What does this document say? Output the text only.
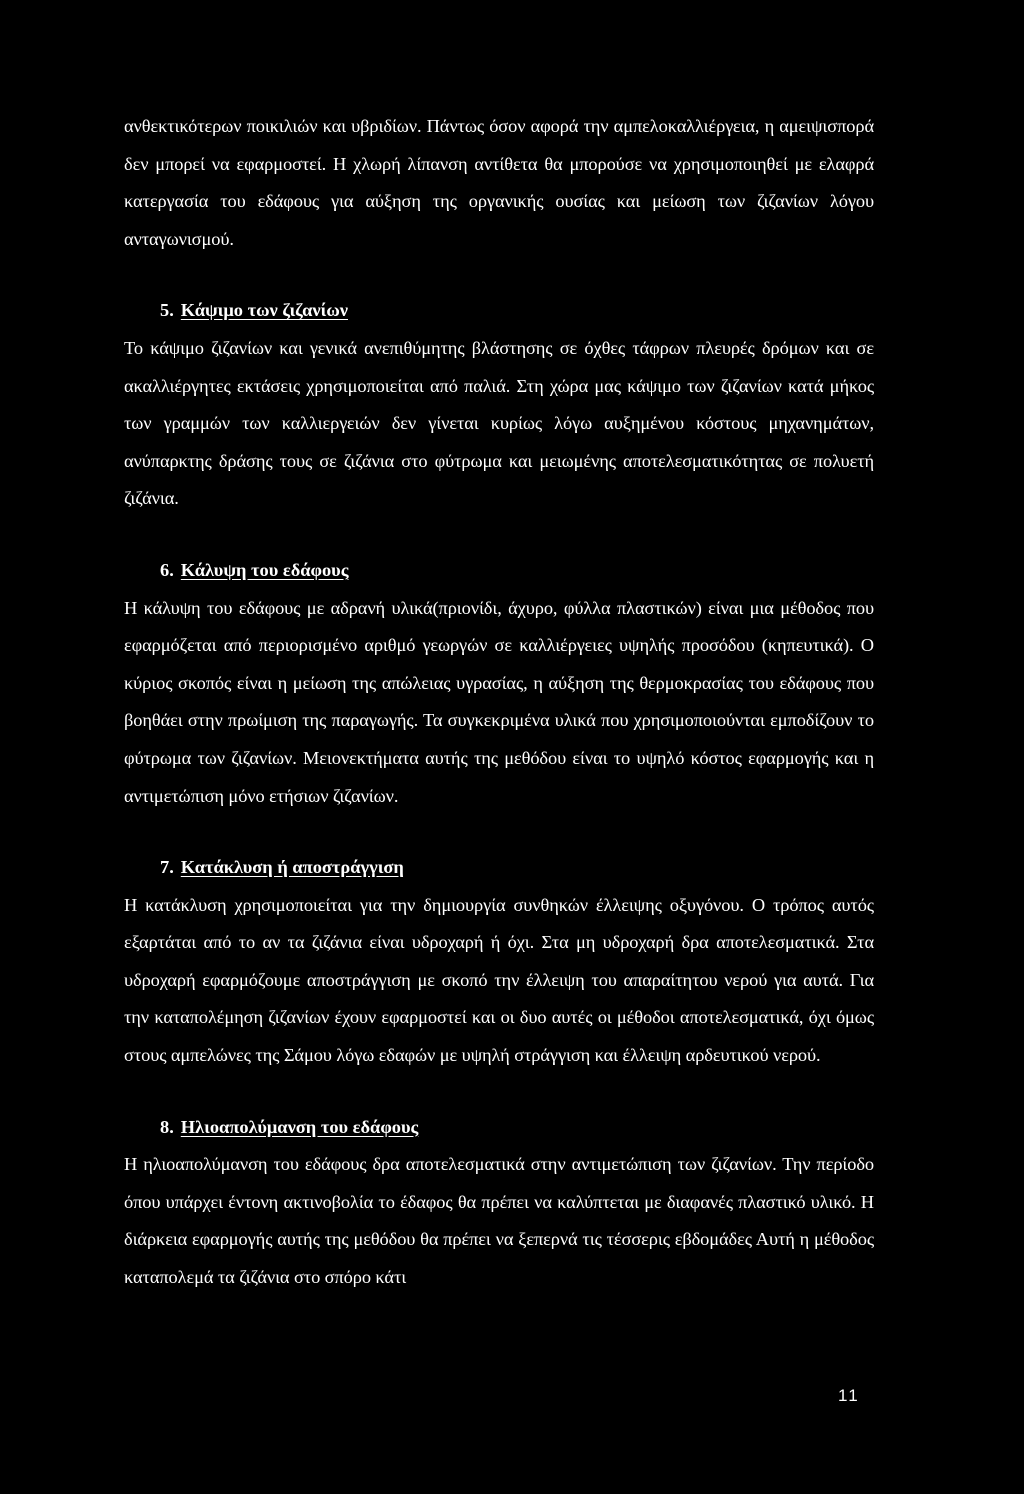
ανθεκτικότερων ποικιλιών και υβριδίων. Πάντως όσον αφορά την αμπελοκαλλιέργεια, η αμειψισπορά δεν μπορεί να εφαρμοστεί. Η χλωρή λίπανση αντίθετα θα μπορούσε να χρησιμοποιηθεί με ελαφρά κατεργασία του εδάφους για αύξηση της οργανικής ουσίας και μείωση των ζιζανίων λόγου ανταγωνισμού.

5. Κάψιμο των ζιζανίων

Το κάψιμο ζιζανίων και γενικά ανεπιθύμητης βλάστησης σε όχθες τάφρων πλευρές δρόμων και σε ακαλλιέργητες εκτάσεις χρησιμοποιείται από παλιά. Στη χώρα μας κάψιμο των ζιζανίων κατά μήκος των γραμμών των καλλιεργειών δεν γίνεται κυρίως λόγω αυξημένου κόστους μηχανημάτων, ανύπαρκτης δράσης τους σε ζιζάνια στο φύτρωμα και μειωμένης αποτελεσματικότητας σε πολυετή ζιζάνια.

6. Κάλυψη του εδάφους

Η κάλυψη του εδάφους με αδρανή υλικά(πριονίδι, άχυρο, φύλλα πλαστικών) είναι μια μέθοδος που εφαρμόζεται από περιορισμένο αριθμό γεωργών σε καλλιέργειες υψηλής προσόδου (κηπευτικά). Ο κύριος σκοπός είναι η μείωση της απώλειας υγρασίας, η αύξηση της θερμοκρασίας του εδάφους που βοηθάει στην πρωίμιση της παραγωγής. Τα συγκεκριμένα υλικά που χρησιμοποιούνται εμποδίζουν το φύτρωμα των ζιζανίων. Μειονεκτήματα αυτής της μεθόδου είναι το υψηλό κόστος εφαρμογής και η αντιμετώπιση μόνο ετήσιων ζιζανίων.

7. Κατάκλυση ή αποστράγγιση

Η κατάκλυση χρησιμοποιείται για την δημιουργία συνθηκών έλλειψης οξυγόνου. Ο τρόπος αυτός εξαρτάται από το αν τα ζιζάνια είναι υδροχαρή ή όχι. Στα μη υδροχαρή δρα αποτελεσματικά. Στα υδροχαρή εφαρμόζουμε αποστράγγιση με σκοπό την έλλειψη του απαραίτητου νερού για αυτά. Για την καταπολέμηση ζιζανίων έχουν εφαρμοστεί και οι δυο αυτές οι μέθοδοι αποτελεσματικά, όχι όμως στους αμπελώνες της Σάμου λόγω εδαφών με υψηλή στράγγιση και έλλειψη αρδευτικού νερού.

8. Ηλιοαπολύμανση του εδάφους

Η ηλιοαπολύμανση του εδάφους δρα αποτελεσματικά στην αντιμετώπιση των ζιζανίων. Την περίοδο όπου υπάρχει έντονη ακτινοβολία το έδαφος θα πρέπει να καλύπτεται με διαφανές πλαστικό υλικό. Η διάρκεια εφαρμογής αυτής της μεθόδου θα πρέπει να ξεπερνά τις τέσσερις εβδομάδες Αυτή η μέθοδος καταπολεμά τα ζιζάνια στο σπόρο κάτι

11
